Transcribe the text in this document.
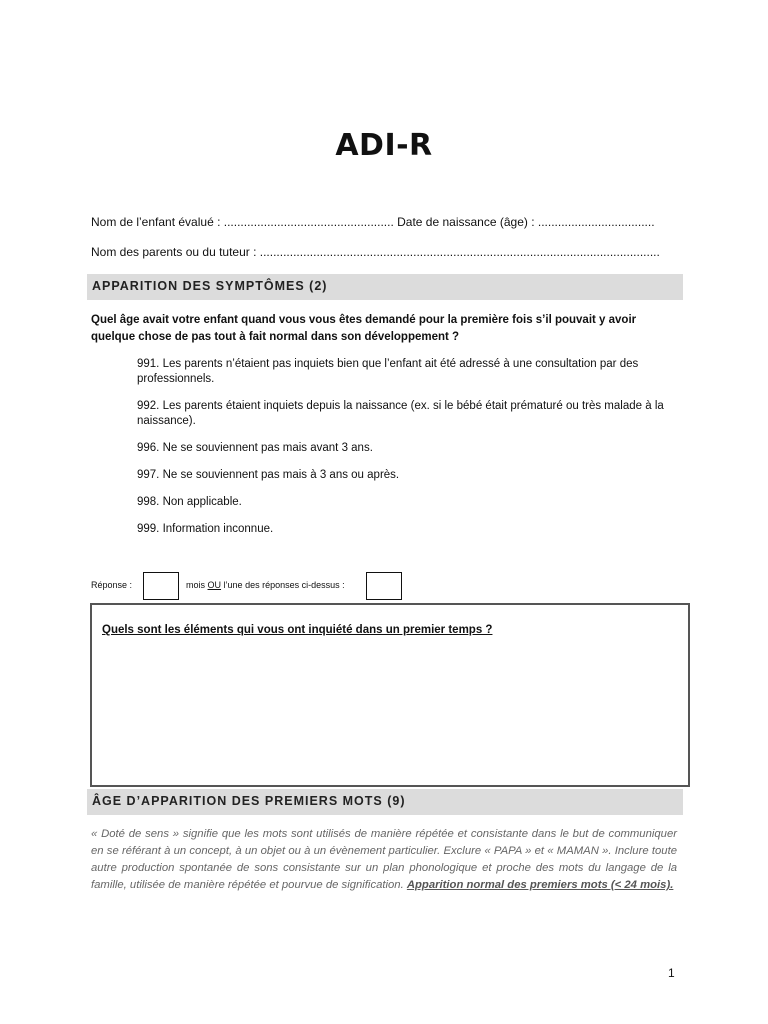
ADI-R
Nom de l’enfant évalué : ................................................... Date de naissance (âge) : ...................................
Nom des parents ou du tuteur : ........................................................................................................................
APPARITION DES SYMPTÔMES (2)
Quel âge avait votre enfant quand vous vous êtes demandé pour la première fois s’il pouvait y avoir quelque chose de pas tout à fait normal dans son développement ?
991. Les parents n’étaient pas inquiets bien que l’enfant ait été adressé à une consultation par des professionnels.
992. Les parents étaient inquiets depuis la naissance (ex. si le bébé était prématuré ou très malade à la naissance).
996. Ne se souviennent pas mais avant 3 ans.
997. Ne se souviennent pas mais à 3 ans ou après.
998. Non applicable.
999. Information inconnue.
Réponse :	mois OU l’une des réponses ci-dessus :
Quels sont les éléments qui vous ont inquiété dans un premier temps ?
ÂGE D’APPARITION DES PREMIERS MOTS (9)

« Doté de sens » signifie que les mots sont utilisés de manière répétée et consistante dans le but de communiquer en se référant à un concept, à un objet ou à un évènement particulier. Exclure « PAPA » et « MAMAN ». Inclure toute autre production spontanée de sons consistante sur un plan phonologique et proche des mots du langage de la famille, utilisée de manière répétée et pourvue de signification. Apparition normal des premiers mots (< 24 mois).

1
